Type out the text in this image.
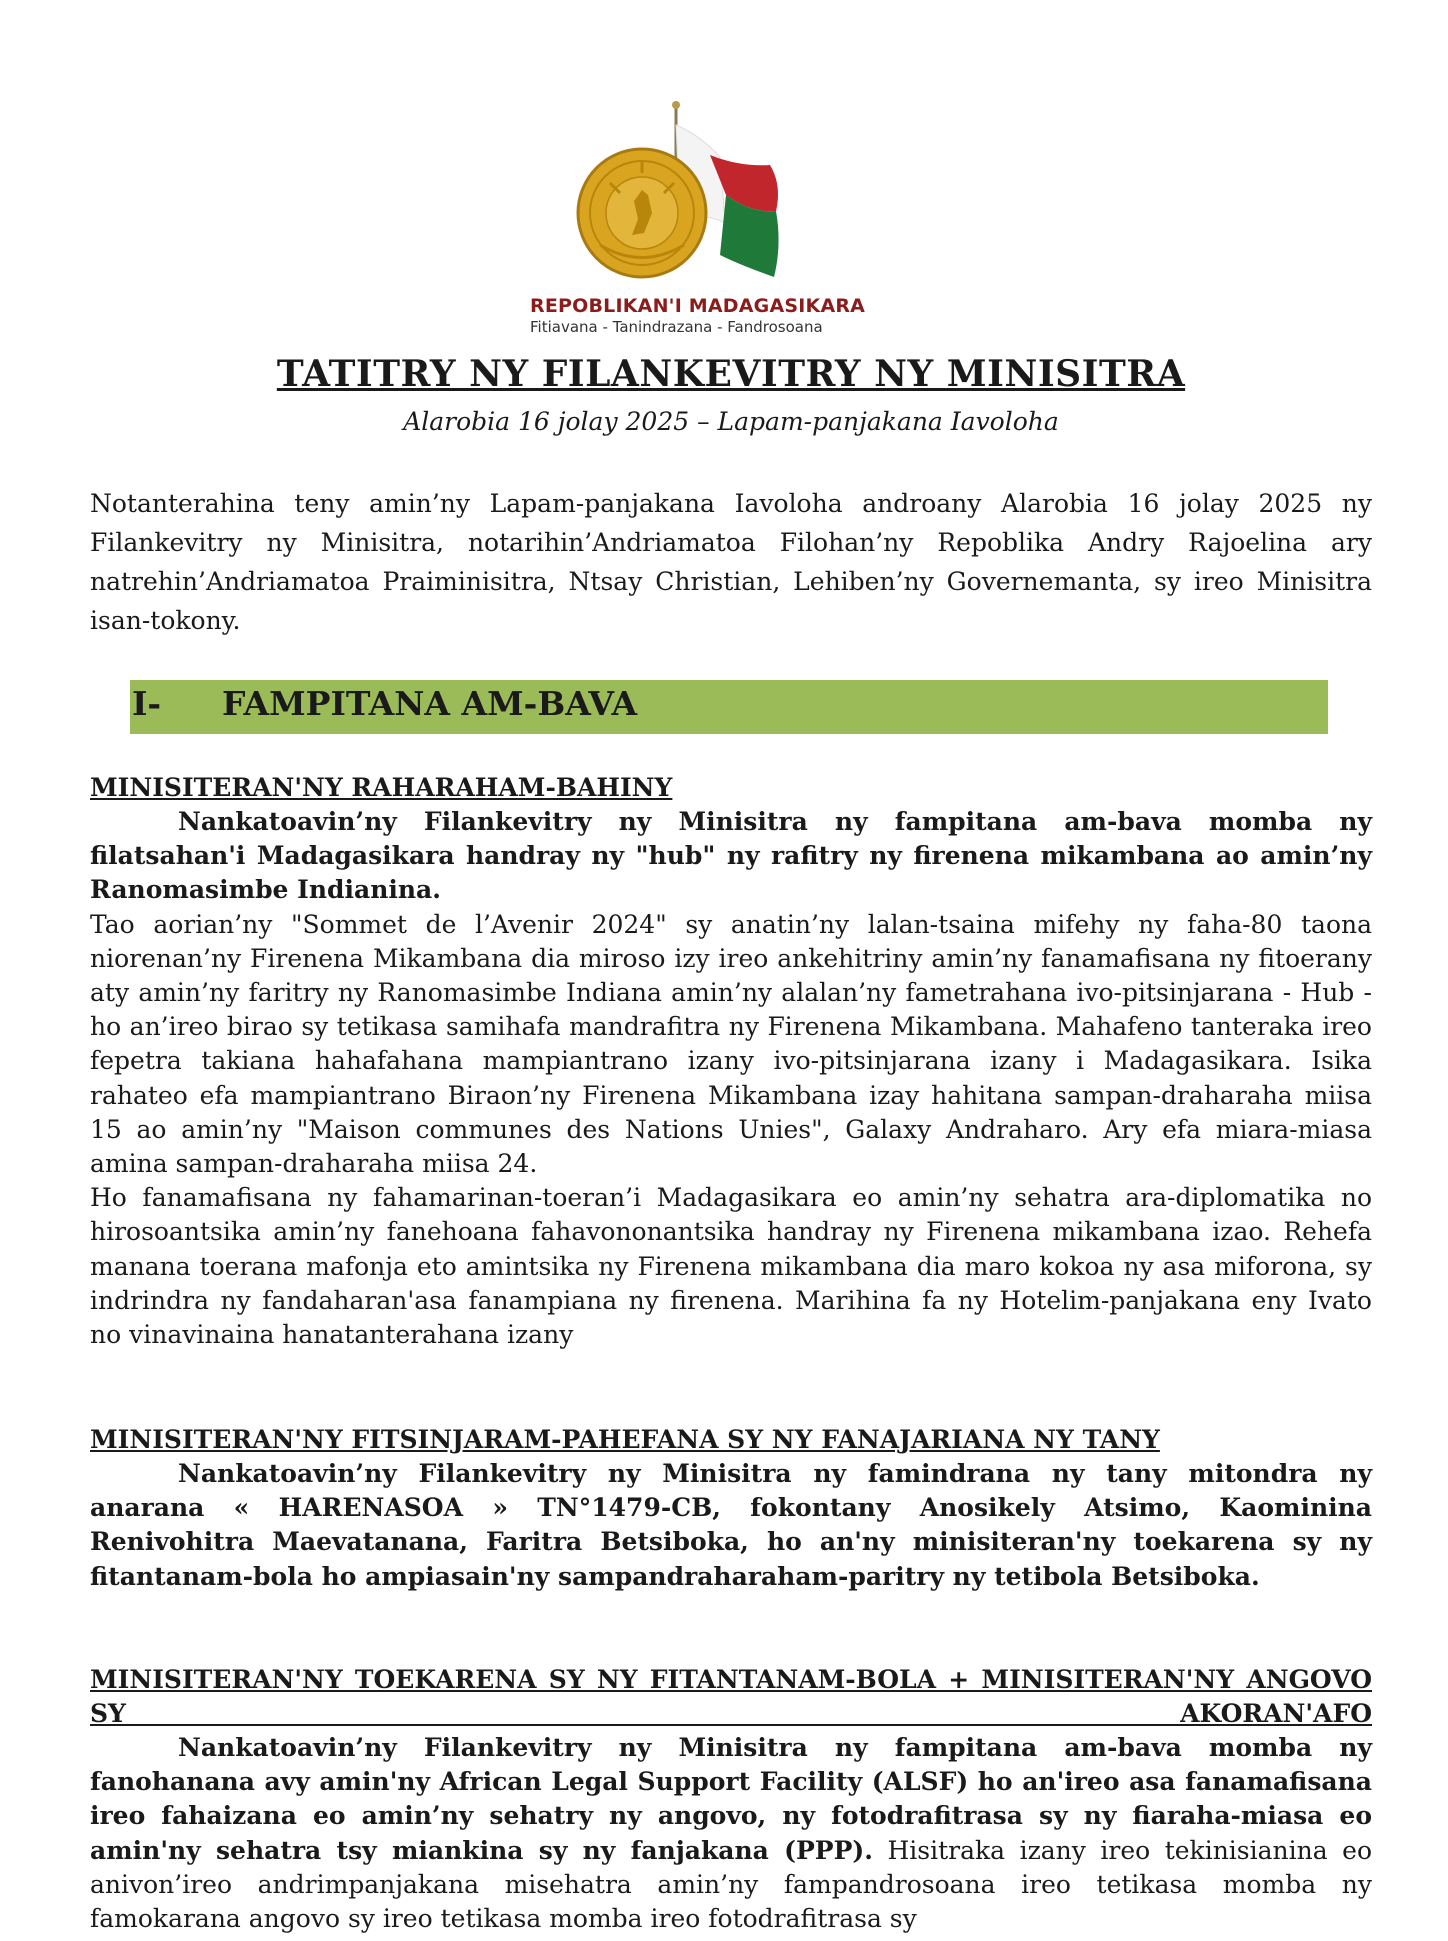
REPOBLIKAN'I MADAGASIKARA
Fitiavana - Tanindrazana - Fandrosoana
TATITRY NY FILANKEVITRY NY MINISITRA
Alarobia 16 jolay 2025 – Lapam-panjakana Iavoloha
Notanterahina teny amin’ny Lapam-panjakana Iavoloha androany Alarobia 16 jolay 2025 ny Filankevitry ny Minisitra, notarihin’Andriamatoa Filohan’ny Repoblika Andry Rajoelina ary natrehin’Andriamatoa Praiminisitra, Ntsay Christian, Lehiben’ny Governemanta, sy ireo Minisitra isan-tokony.
I- FAMPITANA AM-BAVA
MINISITERAN'NY RAHARAHAM-BAHINY
Nankatoavin’ny Filankevitry ny Minisitra ny fampitana am-bava momba ny filatsahan'i Madagasikara handray ny "hub" ny rafitry ny firenena mikambana ao amin’ny Ranomasimbe Indianina.
Tao aorian’ny "Sommet de l’Avenir 2024" sy anatin’ny lalan-tsaina mifehy ny faha-80 taona niorenan’ny Firenena Mikambana dia miroso izy ireo ankehitriny amin’ny fanamafisana ny fitoerany aty amin’ny faritry ny Ranomasimbe Indiana amin’ny alalan’ny fametrahana ivo-pitsinjarana - Hub - ho an’ireo birao sy tetikasa samihafa mandrafitra ny Firenena Mikambana. Mahafeno tanteraka ireo fepetra takiana hahafahana mampiantrano izany ivo-pitsinjarana izany i Madagasikara. Isika rahateo efa mampiantrano Biraon’ny Firenena Mikambana izay hahitana sampan-draharaha miisa 15 ao amin’ny "Maison communes des Nations Unies", Galaxy Andraharo. Ary efa miara-miasa amina sampan-draharaha miisa 24.
Ho fanamafisana ny fahamarinan-toeran’i Madagasikara eo amin’ny sehatra ara-diplomatika no hirosoantsika amin’ny fanehoana fahavononantsika handray ny Firenena mikambana izao. Rehefa manana toerana mafonja eto amintsika ny Firenena mikambana dia maro kokoa ny asa miforona, sy indrindra ny fandaharan'asa fanampiana ny firenena. Marihina fa ny Hotelim-panjakana eny Ivato no vinavinaina hanatanterahana izany
MINISITERAN'NY FITSINJARAM-PAHEFANA SY NY FANAJARIANA NY TANY
Nankatoavin’ny Filankevitry ny Minisitra ny famindrana ny tany mitondra ny anarana « HARENASOA » TN°1479-CB, fokontany Anosikely Atsimo, Kaominina Renivohitra Maevatanana, Faritra Betsiboka, ho an'ny minisiteran'ny toekarena sy ny fitantanam-bola ho ampiasain'ny sampandraharaham-paritry ny tetibola Betsiboka.
MINISITERAN'NY TOEKARENA SY NY FITANTANAM-BOLA + MINISITERAN'NY ANGOVO SY AKORAN'AFO
Nankatoavin’ny Filankevitry ny Minisitra ny fampitana am-bava momba ny fanohanana avy amin'ny African Legal Support Facility (ALSF) ho an'ireo asa fanamafisana ireo fahaizana eo amin’ny sehatry ny angovo, ny fotodrafitrasa sy ny fiaraha-miasa eo amin'ny sehatra tsy miankina sy ny fanjakana (PPP). Hisitraka izany ireo tekinisianina eo anivon’ireo andrimpanjakana misehatra amin’ny fampandrosoana ireo tetikasa momba ny famokarana angovo sy ireo tetikasa momba ireo fotodrafitrasa sy
